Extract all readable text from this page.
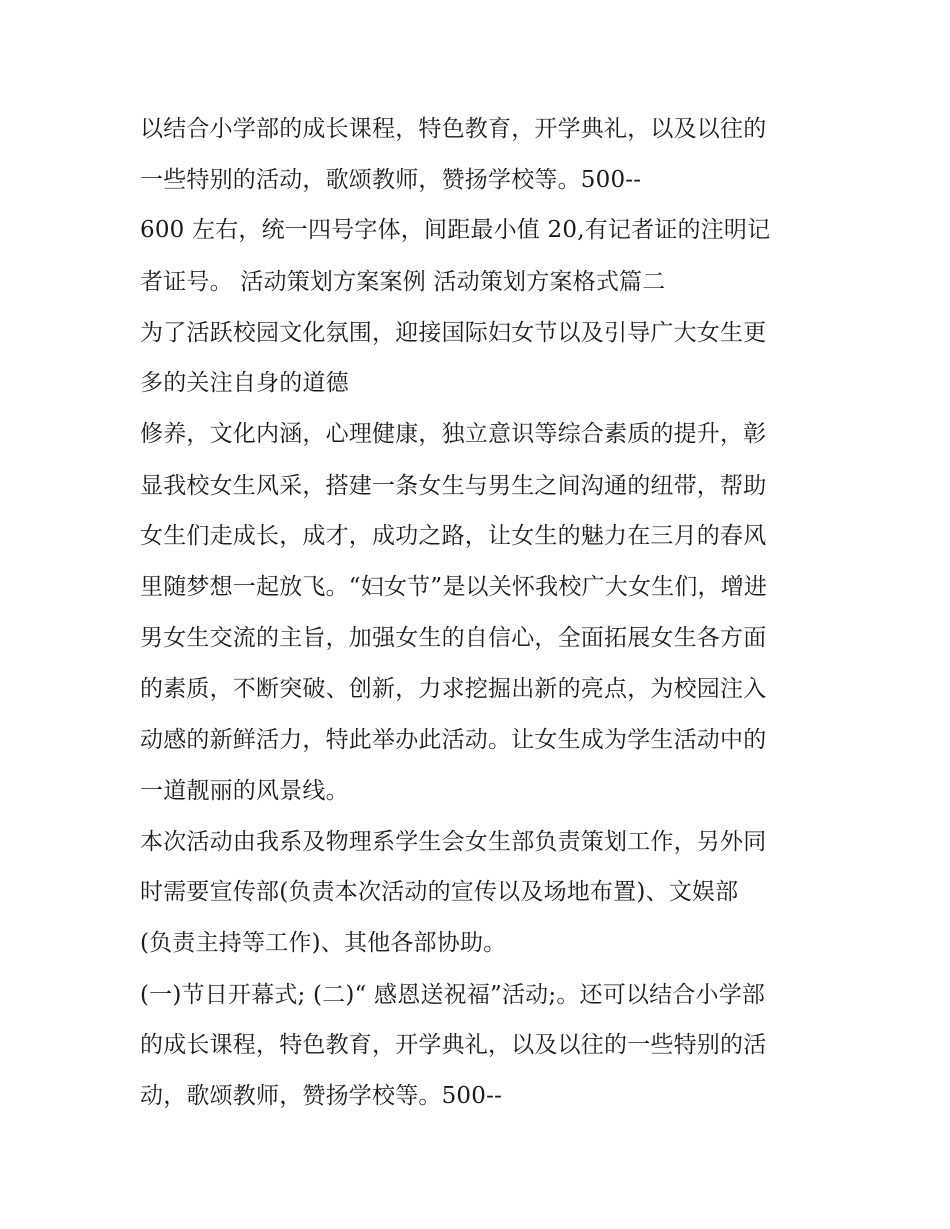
以结合小学部的成长课程，特色教育，开学典礼，以及以往的
一些特别的活动，歌颂教师，赞扬学校等。500--
600 左右，统一四号字体，间距最小值 20,有记者证的注明记
者证号。 活动策划方案案例 活动策划方案格式篇二
为了活跃校园文化氛围，迎接国际妇女节以及引导广大女生更
多的关注自身的道德
修养，文化内涵，心理健康，独立意识等综合素质的提升，彰
显我校女生风采，搭建一条女生与男生之间沟通的纽带，帮助
女生们走成长，成才，成功之路，让女生的魅力在三月的春风
里随梦想一起放飞。“妇女节”是以关怀我校广大女生们，增进
男女生交流的主旨，加强女生的自信心，全面拓展女生各方面
的素质，不断突破、创新，力求挖掘出新的亮点，为校园注入
动感的新鲜活力，特此举办此活动。让女生成为学生活动中的
一道靓丽的风景线。
本次活动由我系及物理系学生会女生部负责策划工作，另外同
时需要宣传部(负责本次活动的宣传以及场地布置)、文娱部
(负责主持等工作)、其他各部协助。
(一)节日开幕式; (二)“ 感恩送祝福”活动;。还可以结合小学部
的成长课程，特色教育，开学典礼，以及以往的一些特别的活
动，歌颂教师，赞扬学校等。500--
